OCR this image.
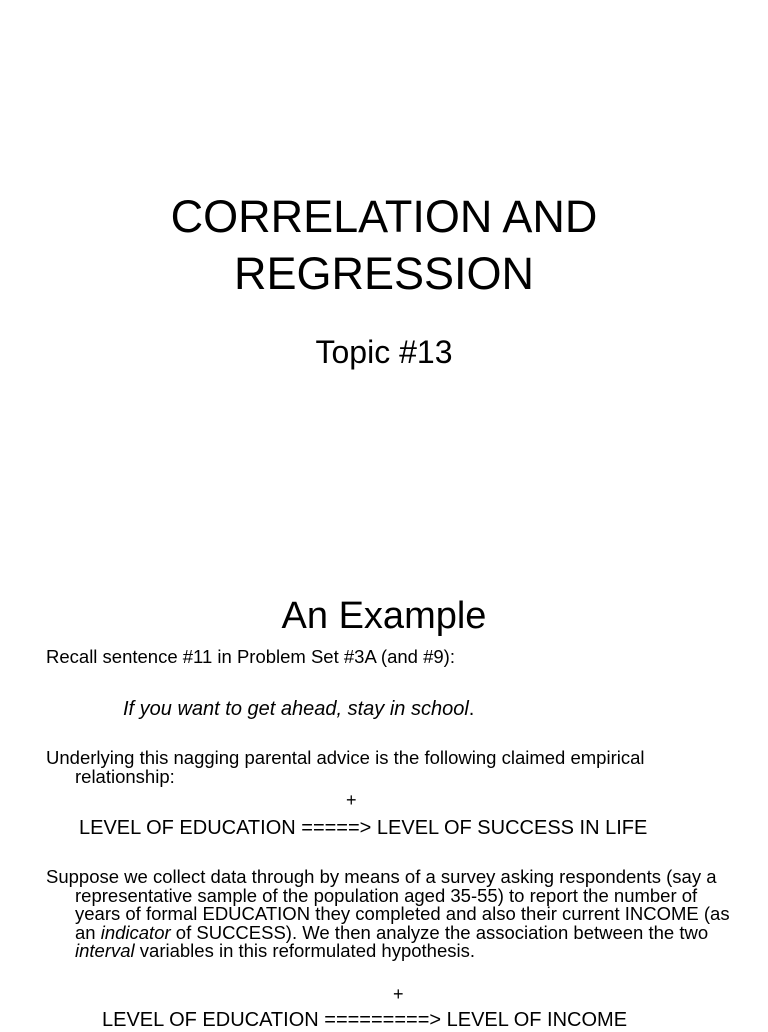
CORRELATION AND
REGRESSION

Topic #13

An Example

Recall sentence #11 in Problem Set #3A (and #9):

If you want to get ahead, stay in school.

Underlying this nagging parental advice is the following claimed empirical relationship:

+

LEVEL OF EDUCATION =====> LEVEL OF SUCCESS IN LIFE

Suppose we collect data through by means of a survey asking respondents (say a representative sample of the population aged 35-55) to report the number of years of formal EDUCATION they completed and also their current INCOME (as an indicator of SUCCESS). We then analyze the association between the two interval variables in this reformulated hypothesis.

+

LEVEL OF EDUCATION =========> LEVEL OF INCOME
